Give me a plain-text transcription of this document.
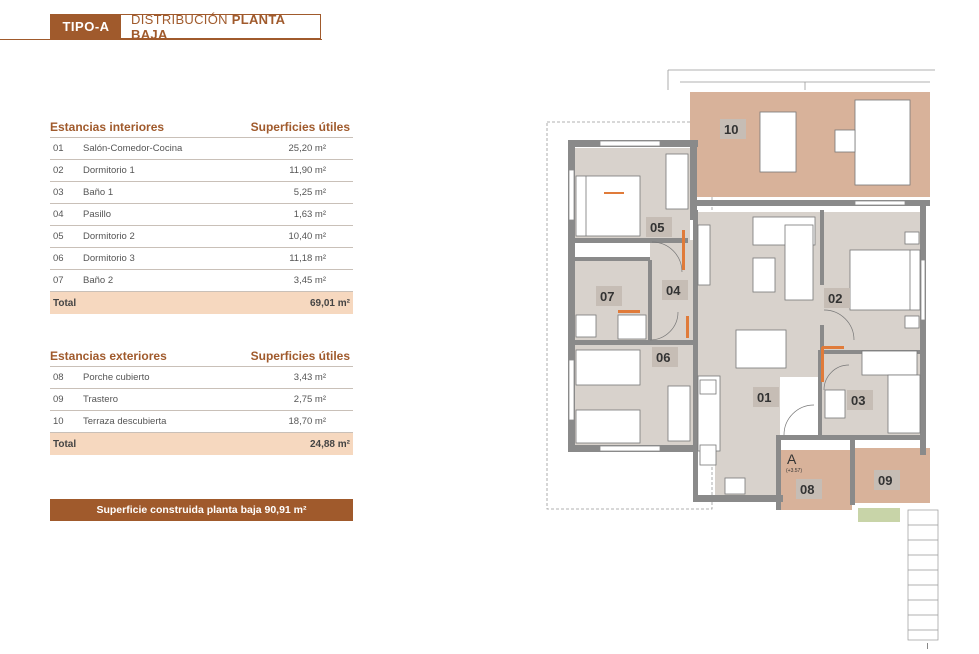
TIPO-A	DISTRIBUCIÓN PLANTA BAJA
Estancias interiores	Superficies útiles
01	Salón-Comedor-Cocina	25,20 m²
02	Dormitorio 1	11,90 m²
03	Baño 1	5,25 m²
04	Pasillo	1,63 m²
05	Dormitorio 2	10,40 m²
06	Dormitorio 3	11,18 m²
07	Baño 2	3,45 m²
Total	69,01 m²
Estancias exteriores	Superficies útiles
08	Porche cubierto	3,43 m²
09	Trastero	2,75 m²
10	Terraza descubierta	18,70 m²
Total	24,88 m²
Superficie construida planta baja 90,91 m²
10
01
02
03
04
05
06
07
08
09
A
(+3.57)
